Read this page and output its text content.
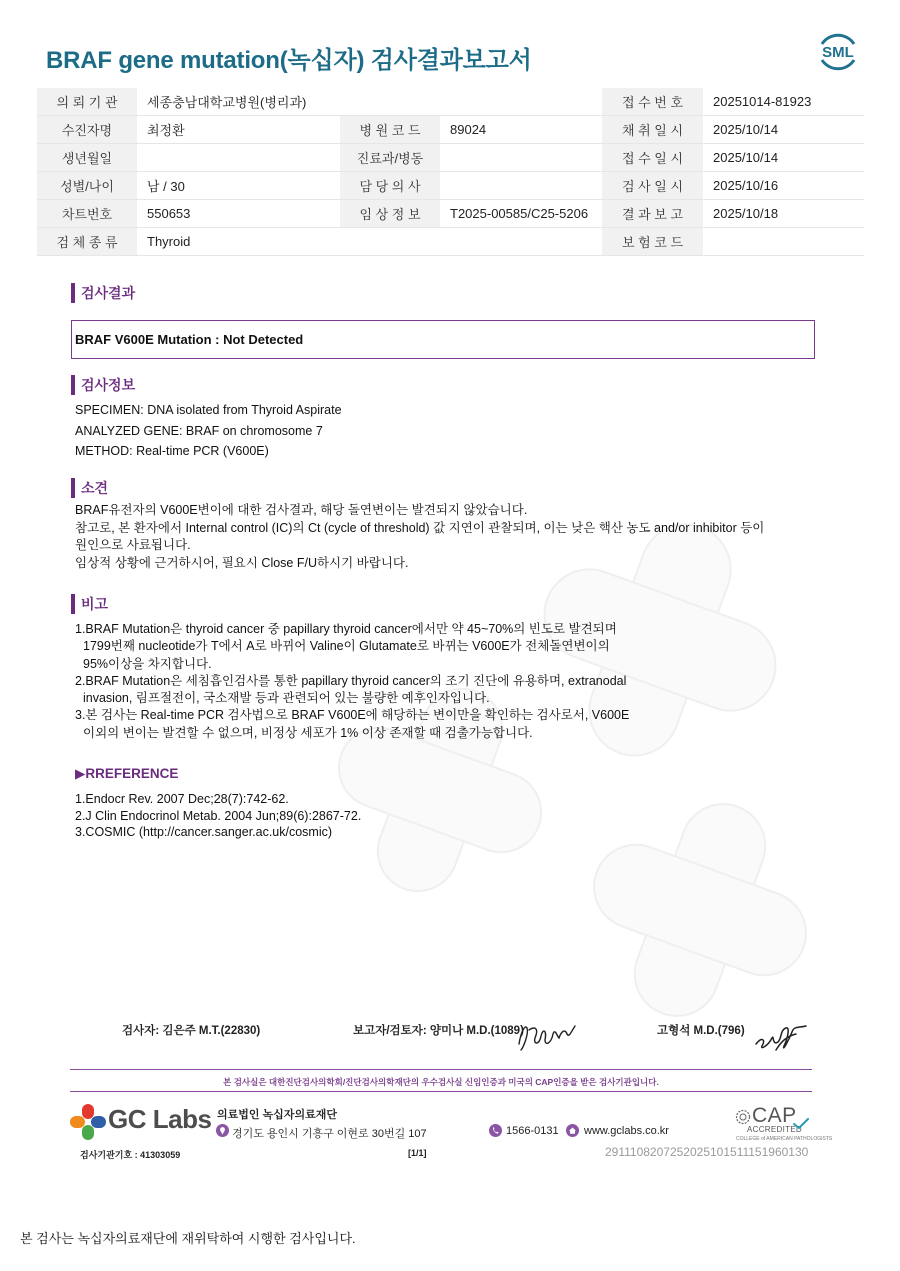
BRAF gene mutation(녹십자) 검사결과보고서	SML
의 뢰 기 관	세종충남대학교병원(병리과)			접 수 번 호	20251014-81923
수진자명	최정환	병 원 코 드	89024	채 취 일 시	2025/10/14
생년월일		진료과/병동		접 수 일 시	2025/10/14
성별/나이	남 / 30	담 당 의 사		검 사 일 시	2025/10/16
차트번호	550653	임 상 정 보	T2025-00585/C25-5206	결 과 보 고	2025/10/18
검 체 종 류	Thyroid			보 험 코 드	
검사결과
BRAF V600E Mutation : Not Detected
검사정보
SPECIMEN: DNA isolated from Thyroid Aspirate
ANALYZED GENE: BRAF on chromosome 7
METHOD: Real-time PCR (V600E)
소견
BRAF유전자의 V600E변이에 대한 검사결과, 해당 돌연변이는 발견되지 않았습니다.
참고로, 본 환자에서 Internal control (IC)의 Ct (cycle of threshold) 값 지연이 관찰되며, 이는 낮은 핵산 농도 and/or inhibitor 등이
원인으로 사료됩니다.
임상적 상황에 근거하시어, 필요시 Close F/U하시기 바랍니다.
비고
1.BRAF Mutation은 thyroid cancer 중 papillary thyroid cancer에서만 약 45~70%의 빈도로 발견되며
1799번째 nucleotide가 T에서 A로 바뀌어 Valine이 Glutamate로 바뀌는 V600E가 전체돌연변이의
95%이상을 차지합니다.
2.BRAF Mutation은 세침흡인검사를 통한 papillary thyroid cancer의 조기 진단에 유용하며, extranodal
invasion, 림프절전이, 국소재발 등과 관련되어 있는 불량한 예후인자입니다.
3.본 검사는 Real-time PCR 검사법으로 BRAF V600E에 해당하는 변이만을 확인하는 검사로서, V600E
이외의 변이는 발견할 수 없으며, 비정상 세포가 1% 이상 존재할 때 검출가능합니다.
▶RREFERENCE
1.Endocr Rev. 2007 Dec;28(7):742-62.
2.J Clin Endocrinol Metab. 2004 Jun;89(6):2867-72.
3.COSMIC (http://cancer.sanger.ac.uk/cosmic)
검사자: 김은주 M.T.(22830)	보고자/검토자: 양미나 M.D.(1089)	고형석 M.D.(796)
본 검사실은 대한진단검사의학회/진단검사의학재단의 우수검사실 신임인증과 미국의 CAP인증을 받은 검사기관입니다.
GC Labs 의료법인 녹십자의료재단
경기도 용인시 기흥구 이현로 30번길 107	1566-0131 www.gclabs.co.kr
CAP
ACCREDITED
COLLEGE of AMERICAN PATHOLOGISTS
검사기관기호 : 41303059	[1/1]	2911108207252025101511151960130
본 검사는 녹십자의료재단에 재위탁하여 시행한 검사입니다.
